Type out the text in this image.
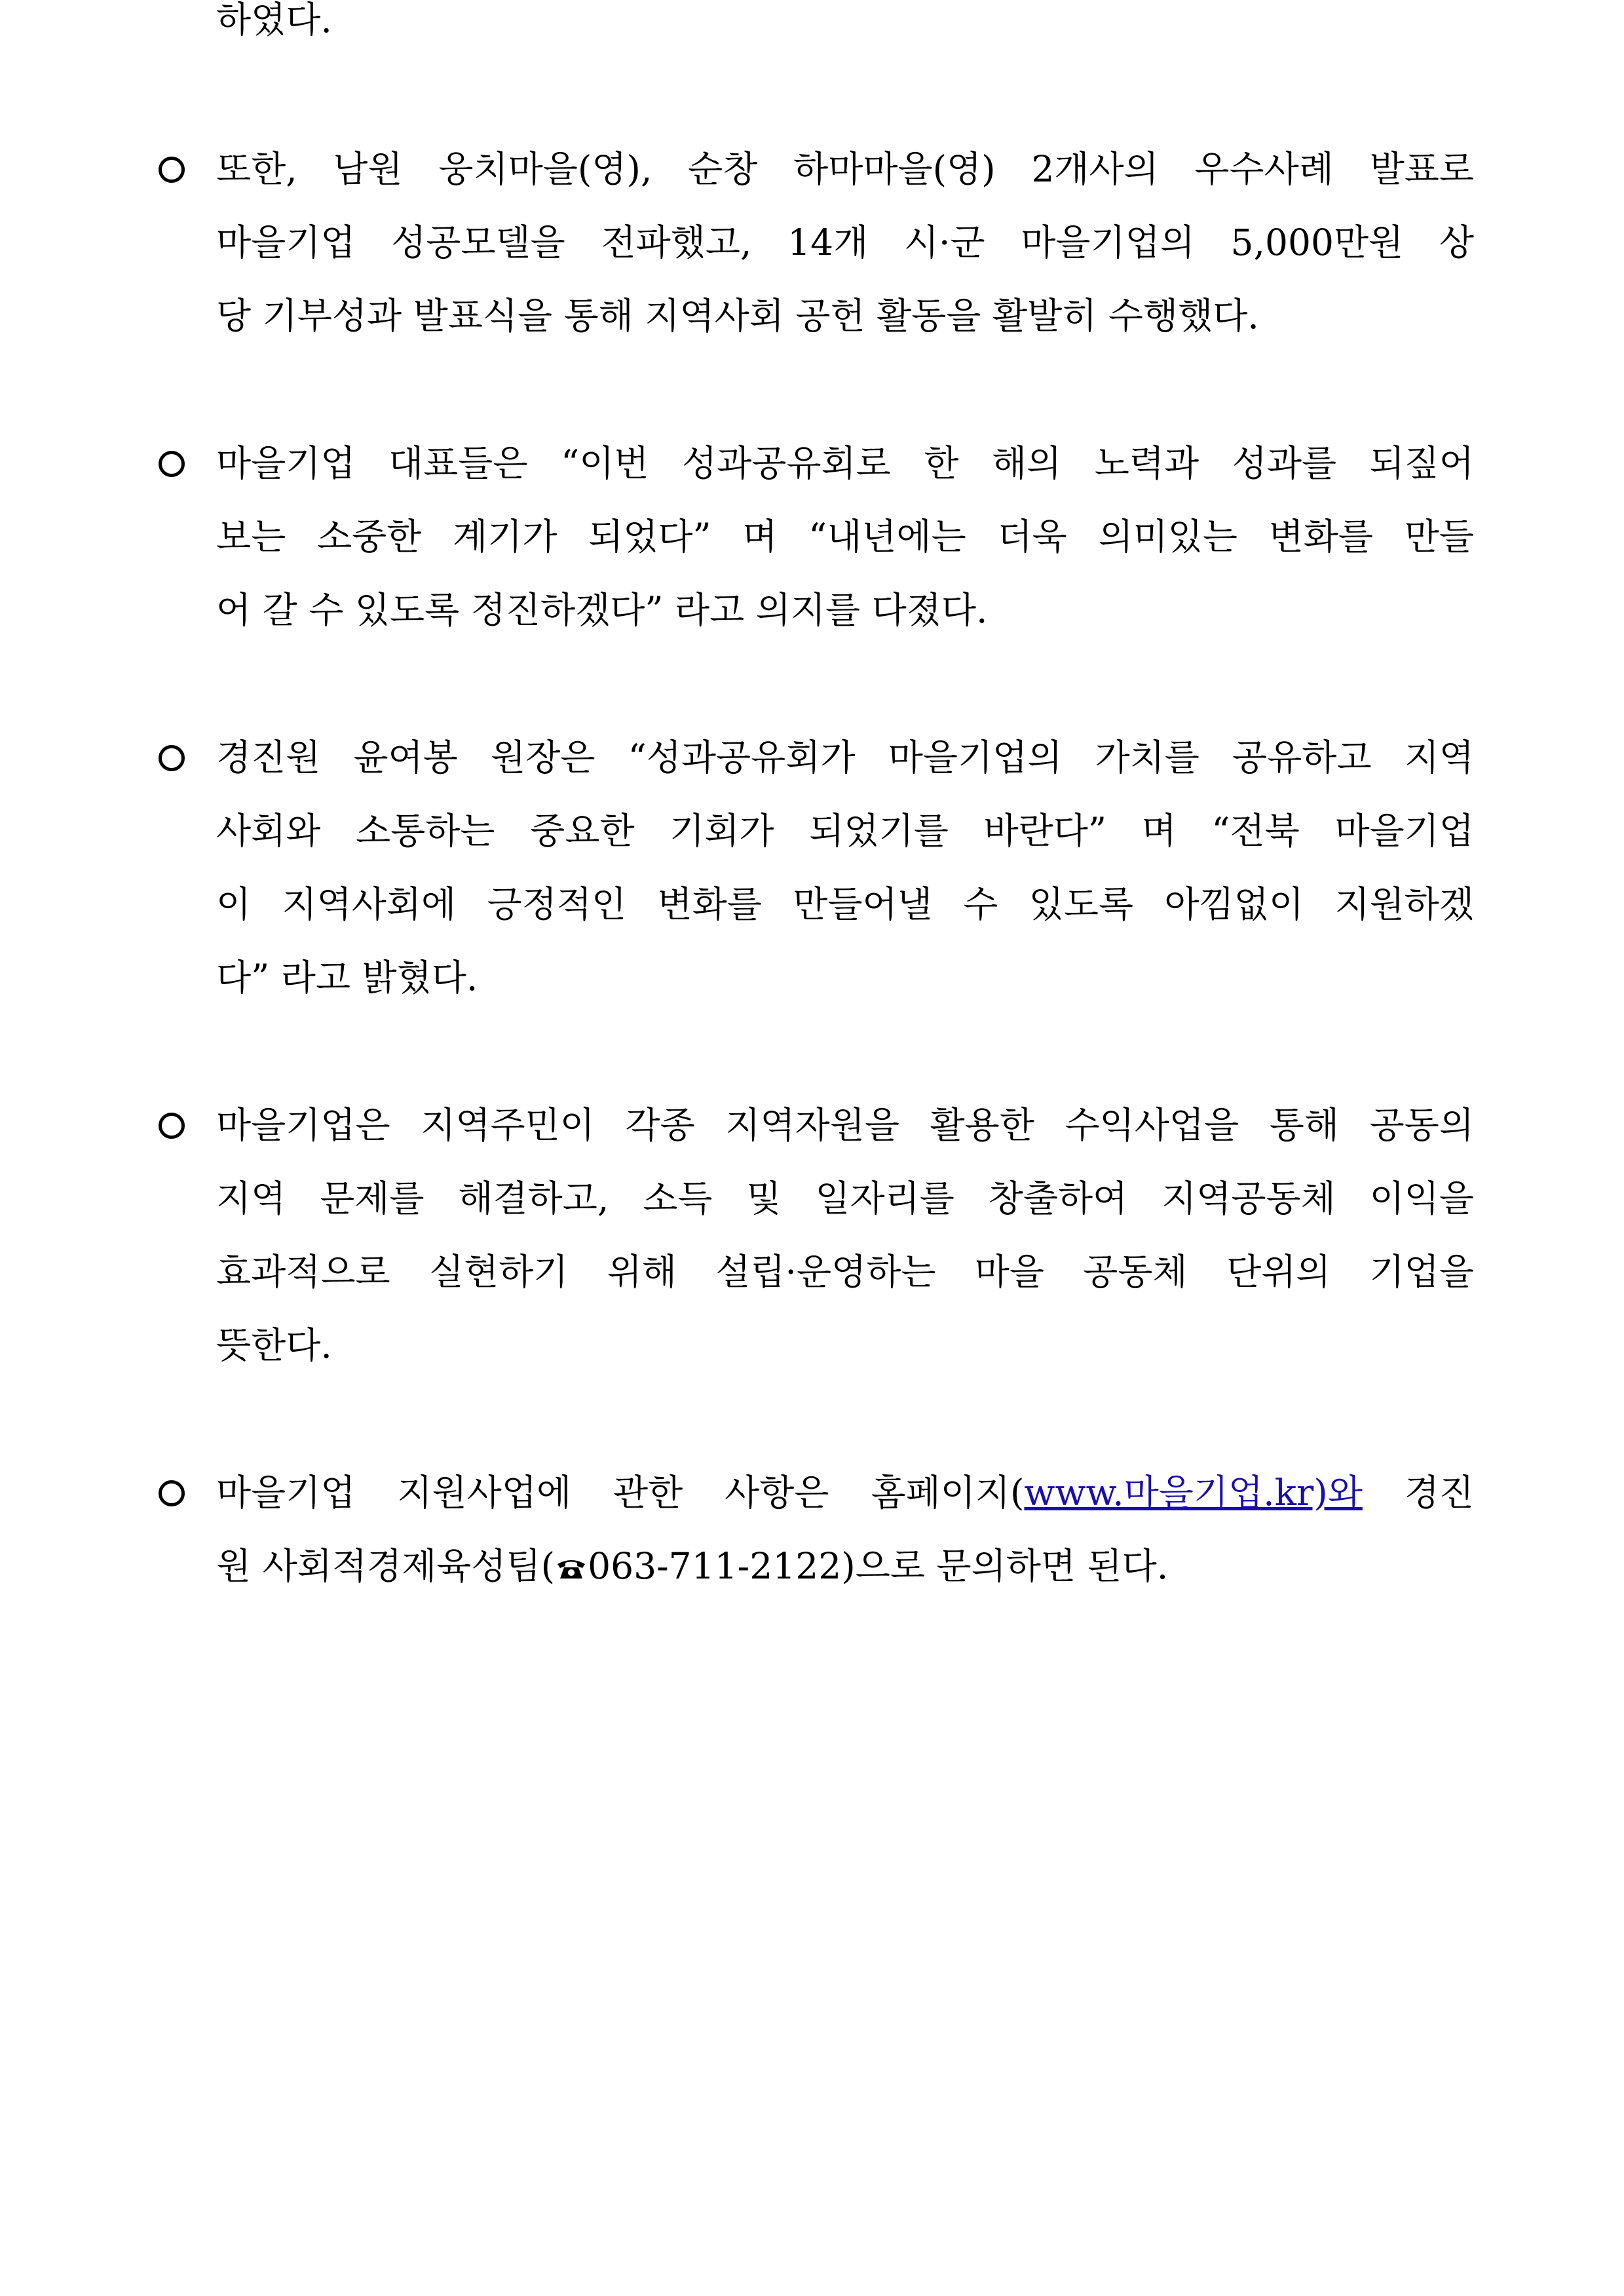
하였다.
또한, 남원 웅치마을(영), 순창 하마마을(영) 2개사의 우수사례 발표로
마을기업 성공모델을 전파했고, 14개 시·군 마을기업의 5,000만원 상
당 기부성과 발표식을 통해 지역사회 공헌 활동을 활발히 수행했다.
마을기업 대표들은 “이번 성과공유회로 한 해의 노력과 성과를 되짚어
보는 소중한 계기가 되었다” 며 “내년에는 더욱 의미있는 변화를 만들
어 갈 수 있도록 정진하겠다” 라고 의지를 다졌다.
경진원 윤여봉 원장은 “성과공유회가 마을기업의 가치를 공유하고 지역
사회와 소통하는 중요한 기회가 되었기를 바란다” 며 “전북 마을기업
이 지역사회에 긍정적인 변화를 만들어낼 수 있도록 아낌없이 지원하겠
다” 라고 밝혔다.
마을기업은 지역주민이 각종 지역자원을 활용한 수익사업을 통해 공동의
지역 문제를 해결하고, 소득 및 일자리를 창출하여 지역공동체 이익을
효과적으로 실현하기 위해 설립·운영하는 마을 공동체 단위의 기업을
뜻한다.
마을기업 지원사업에 관한 사항은 홈페이지(www.마을기업.kr)와 경진
원 사회적경제육성팀( 063-711-2122)으로 문의하면 된다.
